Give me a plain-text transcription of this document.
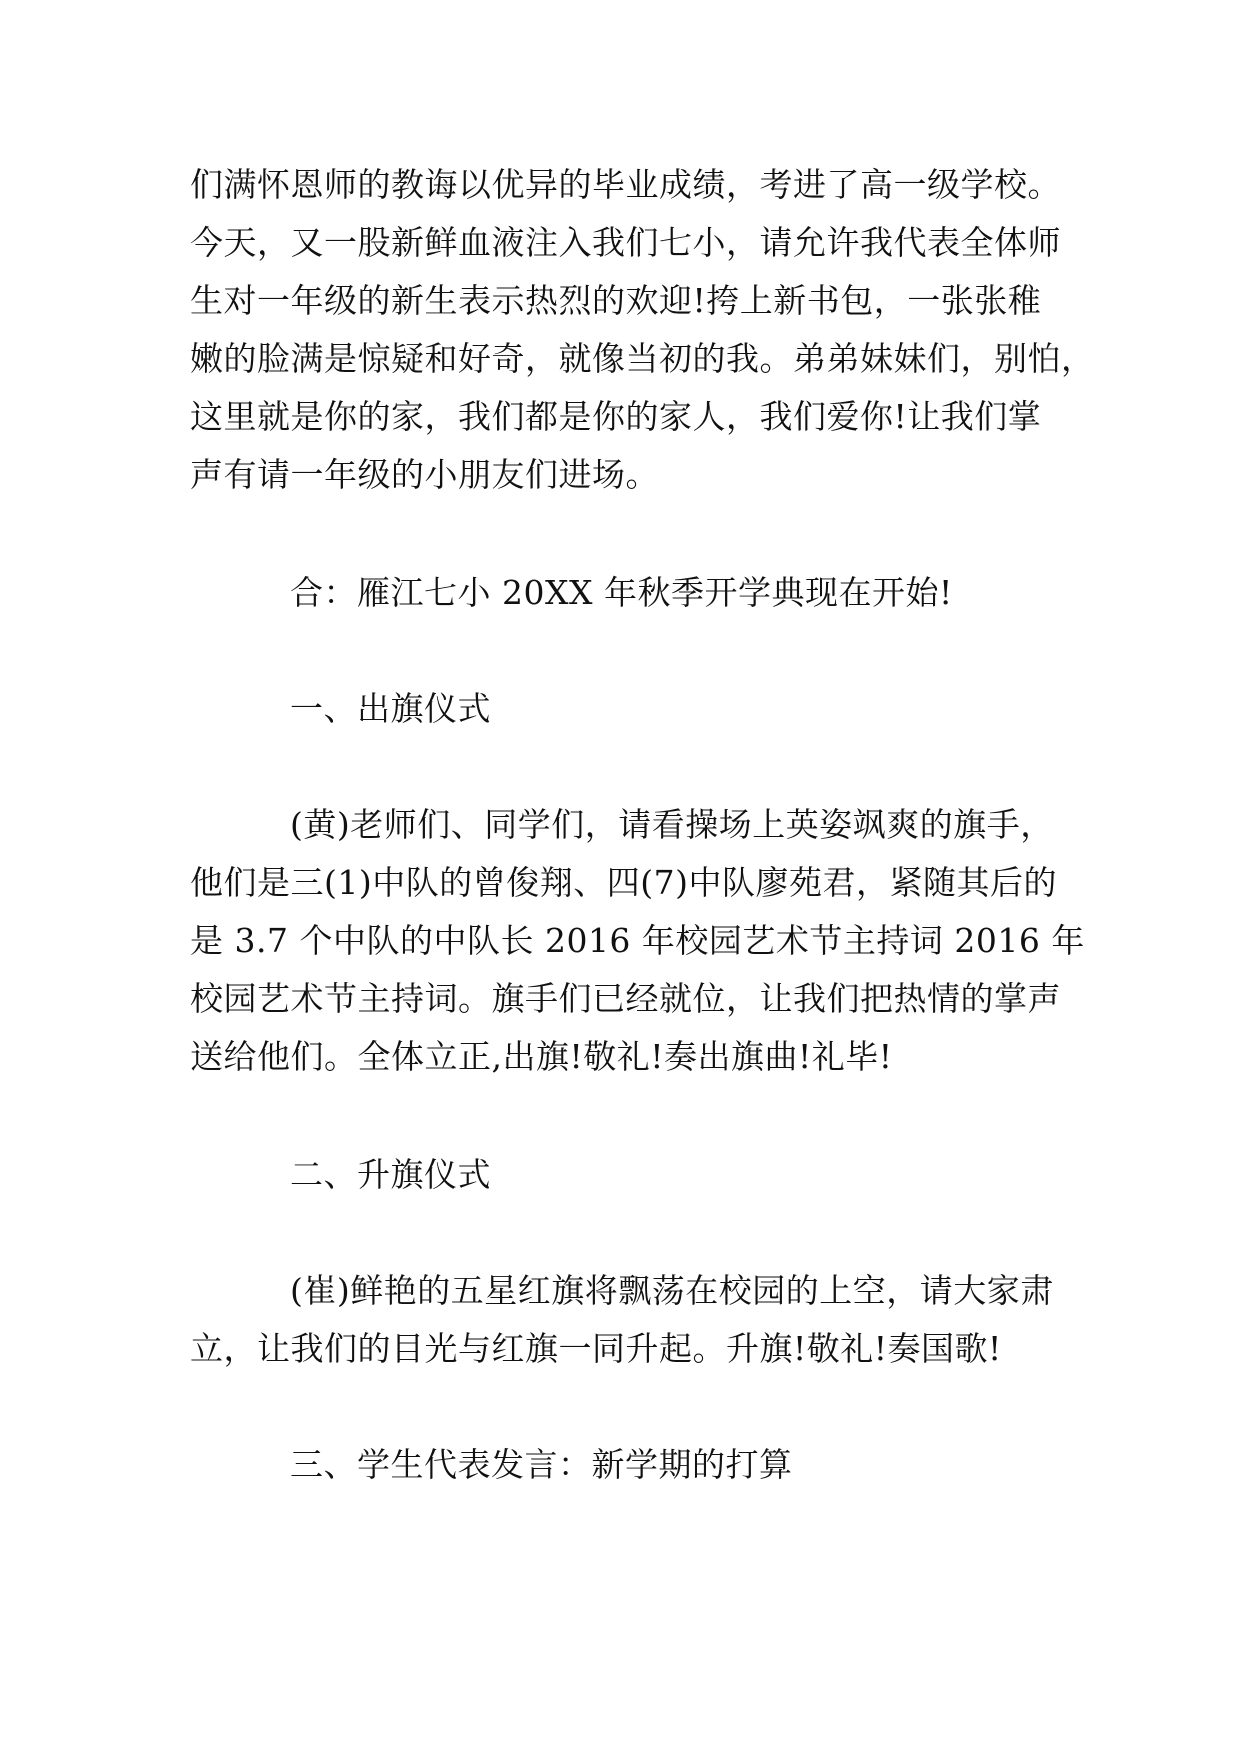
们满怀恩师的教诲以优异的毕业成绩，考进了高一级学校。
今天，又一股新鲜血液注入我们七小，请允许我代表全体师
生对一年级的新生表示热烈的欢迎!挎上新书包，一张张稚
嫩的脸满是惊疑和好奇，就像当初的我。弟弟妹妹们，别怕，
这里就是你的家，我们都是你的家人，我们爱你!让我们掌
声有请一年级的小朋友们进场。
合：雁江七小 20XX 年秋季开学典现在开始!
一、出旗仪式
(黄)老师们、同学们，请看操场上英姿飒爽的旗手，
他们是三(1)中队的曾俊翔、四(7)中队廖苑君，紧随其后的
是 3.7 个中队的中队长 2016 年校园艺术节主持词 2016 年
校园艺术节主持词。旗手们已经就位，让我们把热情的掌声
送给他们。全体立正,出旗!敬礼!奏出旗曲!礼毕!
二、升旗仪式
(崔)鲜艳的五星红旗将飘荡在校园的上空，请大家肃
立，让我们的目光与红旗一同升起。升旗!敬礼!奏国歌!
三、学生代表发言：新学期的打算
